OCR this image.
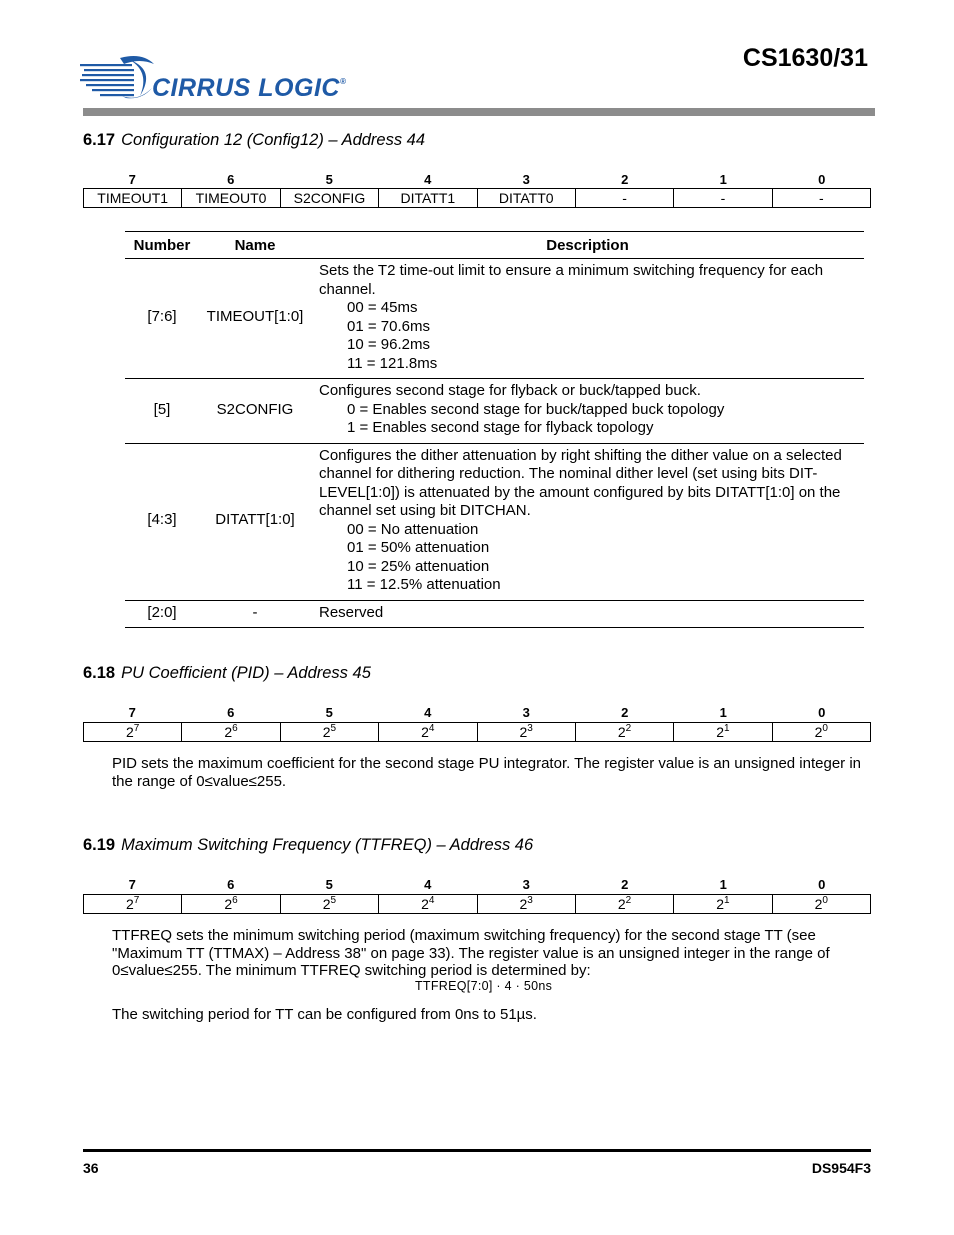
CIRRUS LOGIC®
CS1630/31
6.17 Configuration 12 (Config12) – Address 44
7	6	5	4	3	2	1	0
TIMEOUT1	TIMEOUT0	S2CONFIG	DITATT1	DITATT0	-	-	-
Number	Name	Description
[7:6]	TIMEOUT[1:0]	Sets the T2 time-out limit to ensure a minimum switching frequency for each channel.
00 = 45ms
01 = 70.6ms
10 = 96.2ms
11 = 121.8ms

[5]	S2CONFIG	Configures second stage for flyback or buck/tapped buck.
0 = Enables second stage for buck/tapped buck topology
1 = Enables second stage for flyback topology

[4:3]	DITATT[1:0]	Configures the dither attenuation by right shifting the dither value on a selected channel for dithering reduction. The nominal dither level (set using bits DIT-LEVEL[1:0]) is attenuated by the amount configured by bits DITATT[1:0] on the channel set using bit DITCHAN.
00 = No attenuation
01 = 50% attenuation
10 = 25% attenuation
11 = 12.5% attenuation

[2:0]	-	Reserved
6.18 PU Coefficient (PID) – Address 45
7	6	5	4	3	2	1	0
$2^7$	$2^6$	$2^5$	$2^4$	$2^3$	$2^2$	$2^1$	$2^0$
PID sets the maximum coefficient for the second stage PU integrator. The register value is an unsigned integer in the range of 0≤value≤255.
6.19 Maximum Switching Frequency (TTFREQ) – Address 46
7	6	5	4	3	2	1	0
$2^7$	$2^6$	$2^5$	$2^4$	$2^3$	$2^2$	$2^1$	$2^0$
TTFREQ sets the minimum switching period (maximum switching frequency) for the second stage TT (see "Maximum TT (TTMAX) – Address 38" on page 33). The register value is an unsigned integer in the range of 0≤value≤255. The minimum TTFREQ switching period is determined by:
TTFREQ[7:0] · 4 · 50ns
The switching period for TT can be configured from 0ns to 51µs.
36	DS954F3
